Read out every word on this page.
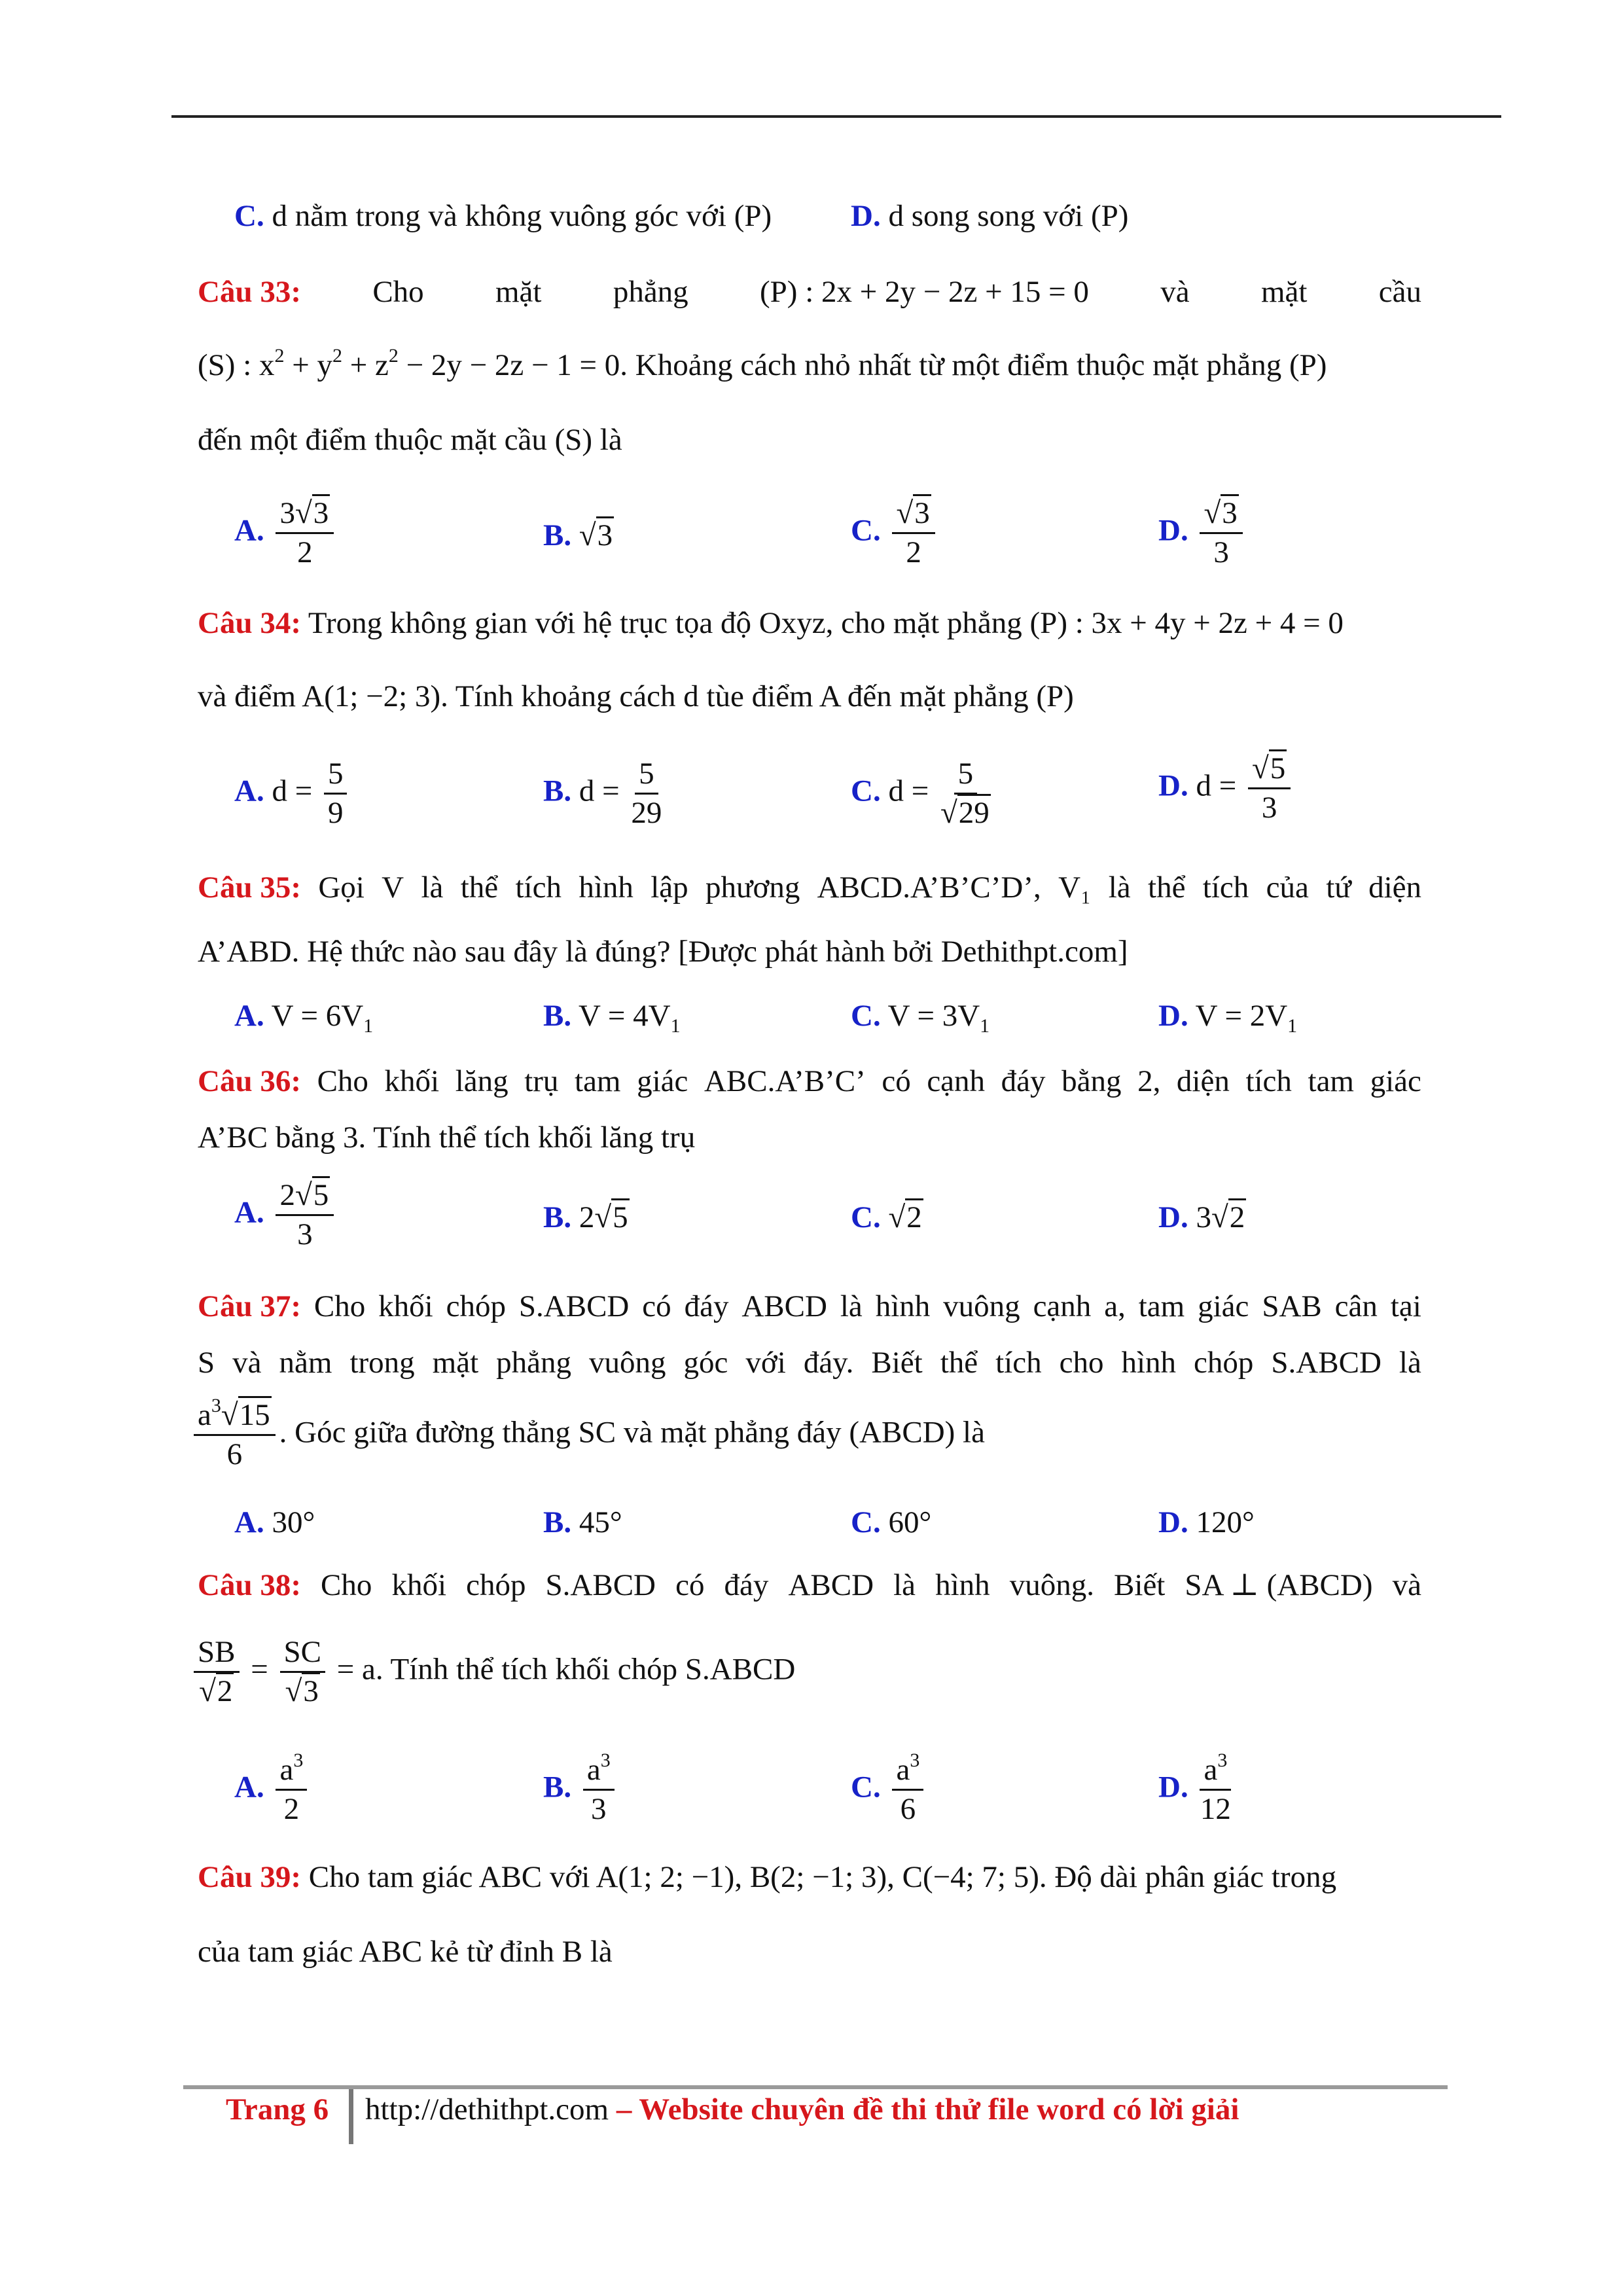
C. d nằm trong và không vuông góc với (P)	D. d song song với (P)
Câu 33: Cho mặt phẳng (P) : 2x + 2y − 2z + 15 = 0 và mặt cầu
(S) : $x^2 + y^2 + z^2 - 2y - 2z - 1 = 0$. Khoảng cách nhỏ nhất từ một điểm thuộc mặt phẳng (P)
đến một điểm thuộc mặt cầu (S) là
A. $\frac{3 √ 3}{2}$	B. √ 3	C. √ $\frac{3}{2}$	D. √ $\frac{3}{3}$
Câu 34: Trong không gian với hệ trục tọa độ Oxyz, cho mặt phẳng (P) : 3x + 4y + 2z + 4 = 0
và điểm A(1; −2; 3). Tính khoảng cách d tùe điểm A đến mặt phẳng (P)
A. $d = \frac{5}{9}$	B. $d = \frac{5}{29}$	C. d = 5
√ 29	D. d = √ $\frac{5}{3}$
Câu 35: Gọi V là thể tích hình lập phương ABCD.A’B’C’D’, V₁ là thể tích của tứ diện
A’ABD. Hệ thức nào sau đây là đúng? [Được phát hành bởi Dethithpt.com]
A. $V = 6V_1$	B. $V = 4V_1$	C. $V = 3V_1$	D. $V = 2V_1$
Câu 36: Cho khối lăng trụ tam giác ABC.A’B’C’ có cạnh đáy bằng 2, diện tích tam giác
A’BC bằng 3. Tính thể tích khối lăng trụ
A. $\frac{2 √ 5}{3}$	B. 2 √ 5	C. √ 2	D. 3 √ 2
Câu 37: Cho khối chóp S.ABCD có đáy ABCD là hình vuông cạnh a, tam giác SAB cân tại
S và nằm trong mặt phẳng vuông góc với đáy. Biết thể tích cho hình chóp S.ABCD là
$\frac{a^3 √ 15}{6}$ . Góc giữa đường thẳng SC và mặt phẳng đáy (ABCD) là
A. 30°	B. 45°	C. 60°	D. 120°
Câu 38: Cho khối chóp S.ABCD có đáy ABCD là hình vuông. Biết SA ⊥ (ABCD) và
SB
√ 2 = SC
√ 3 = a. Tính thể tích khối chóp S.ABCD
A. $\frac{a^3}{2}$	B. $\frac{a^3}{3}$	C. $\frac{a^3}{6}$	D. $\frac{a^3}{12}$
Câu 39: Cho tam giác ABC với A(1; 2; −1), B(2; −1; 3), C(−4; 7; 5). Độ dài phân giác trong
của tam giác ABC kẻ từ đỉnh B là
Trang 6 http://dethithpt.com – Website chuyên đề thi thử file word có lời giải
